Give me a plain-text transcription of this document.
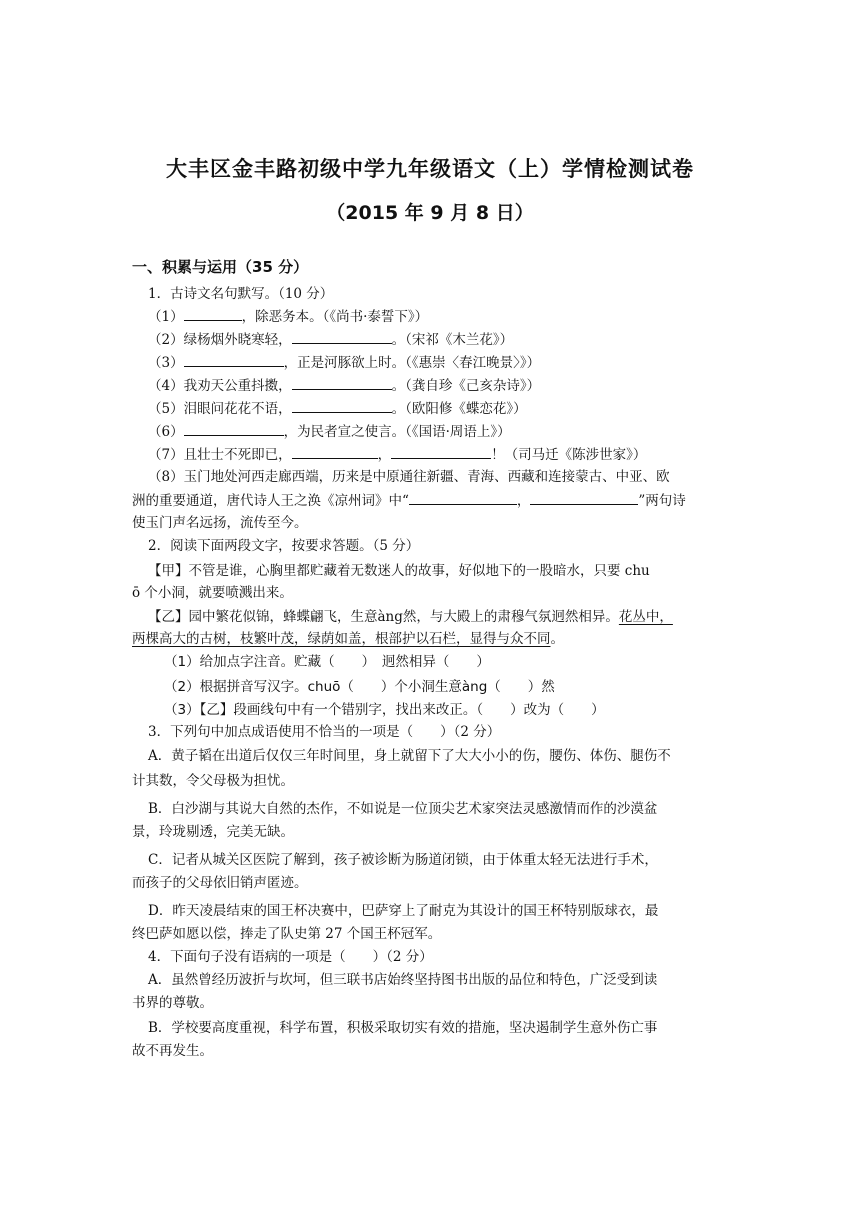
大丰区金丰路初级中学九年级语文（上）学情检测试卷
（2015 年 9 月 8 日）
一、积累与运用（35 分）
1．古诗文名句默写。（10 分）
（1）	，除恶务本。（《尚书·泰誓下》）
（2）绿杨烟外晓寒轻，	。（宋祁《木兰花》）
（3）	，正是河豚欲上时。（《惠崇〈春江晚景〉》）
（4）我劝天公重抖擞，	。（龚自珍《己亥杂诗》）
（5）泪眼问花花不语，	。（欧阳修《蝶恋花》）
（6）	，为民者宣之使言。（《国语·周语上》）
（7）且壮士不死即已，	，	！（司马迁《陈涉世家》）
（8）玉门地处河西走廊西端，历来是中原通往新疆、青海、西藏和连接蒙古、中亚、欧
洲的重要通道，唐代诗人王之涣《凉州词》中“	，	”两句诗
使玉门声名远扬，流传至今。
2．阅读下面两段文字，按要求答题。（5 分）
【甲】不管是谁，心胸里都贮藏着无数迷人的故事，好似地下的一股暗水，只要 chu
ō 个小洞，就要喷溅出来。
【乙】园中繁花似锦，蜂蝶翩飞，生意àng然，与大殿上的肃穆气氛迥然相异。花丛中，
两棵高大的古树，枝繁叶茂，绿荫如盖，根部护以石栏，显得与众不同。
（1）给加点字注音。贮藏（　　）　迥然相异（　　）
（2）根据拼音写汉字。chuō（　　）个小洞生意àng（　　）然
（3）【乙】段画线句中有一个错别字，找出来改正。（　　）改为（　　）
3．下列句中加点成语使用不恰当的一项是（　　）（2 分）
A．黄子韬在出道后仅仅三年时间里，身上就留下了大大小小的伤，腰伤、体伤、腿伤不
计其数，令父母极为担忧。
B．白沙湖与其说大自然的杰作，不如说是一位顶尖艺术家突法灵感激情而作的沙漠盆
景，玲珑剔透，完美无缺。
C．记者从城关区医院了解到，孩子被诊断为肠道闭锁，由于体重太轻无法进行手术，
而孩子的父母依旧销声匿迹。
D．昨天凌晨结束的国王杯决赛中，巴萨穿上了耐克为其设计的国王杯特别版球衣，最
终巴萨如愿以偿，捧走了队史第 27 个国王杯冠军。
4．下面句子没有语病的一项是（　　）（2 分）
A．虽然曾经历波折与坎坷，但三联书店始终坚持图书出版的品位和特色，广泛受到读
书界的尊敬。
B．学校要高度重视，科学布置，积极采取切实有效的措施，坚决遏制学生意外伤亡事
故不再发生。
